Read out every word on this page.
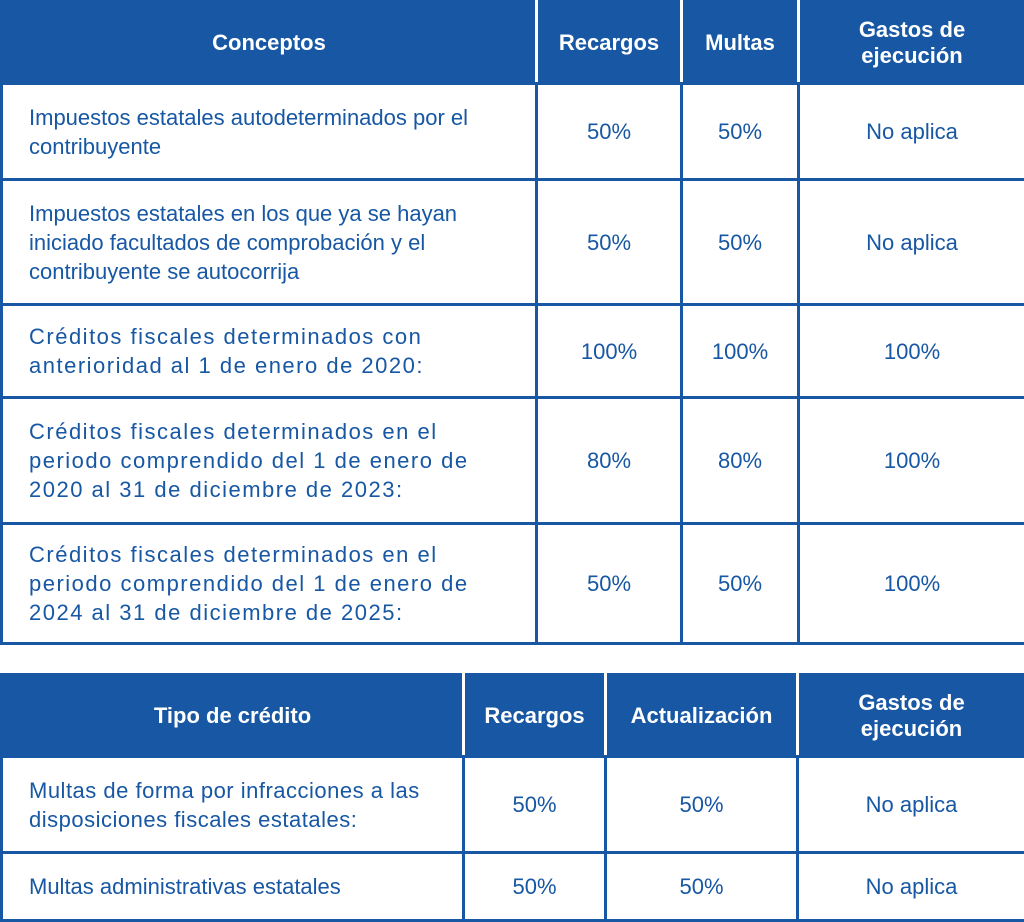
Conceptos	Recargos	Multas	Gastos de
ejecución
Impuestos estatales autodeterminados por el contribuyente	50%	50%	No aplica
Impuestos estatales en los que ya se hayan iniciado facultados de comprobación y el contribuyente se autocorrija	50%	50%	No aplica
Créditos fiscales determinados con anterioridad al 1 de enero de 2020:	100%	100%	100%
Créditos fiscales determinados en el periodo comprendido del 1 de enero de 2020 al 31 de diciembre de 2023:	80%	80%	100%
Créditos fiscales determinados en el periodo comprendido del 1 de enero de 2024 al 31 de diciembre de 2025:	50%	50%	100%
Tipo de crédito	Recargos	Actualización	Gastos de
ejecución
Multas de forma por infracciones a las disposiciones fiscales estatales:	50%	50%	No aplica
Multas administrativas estatales	50%	50%	No aplica
